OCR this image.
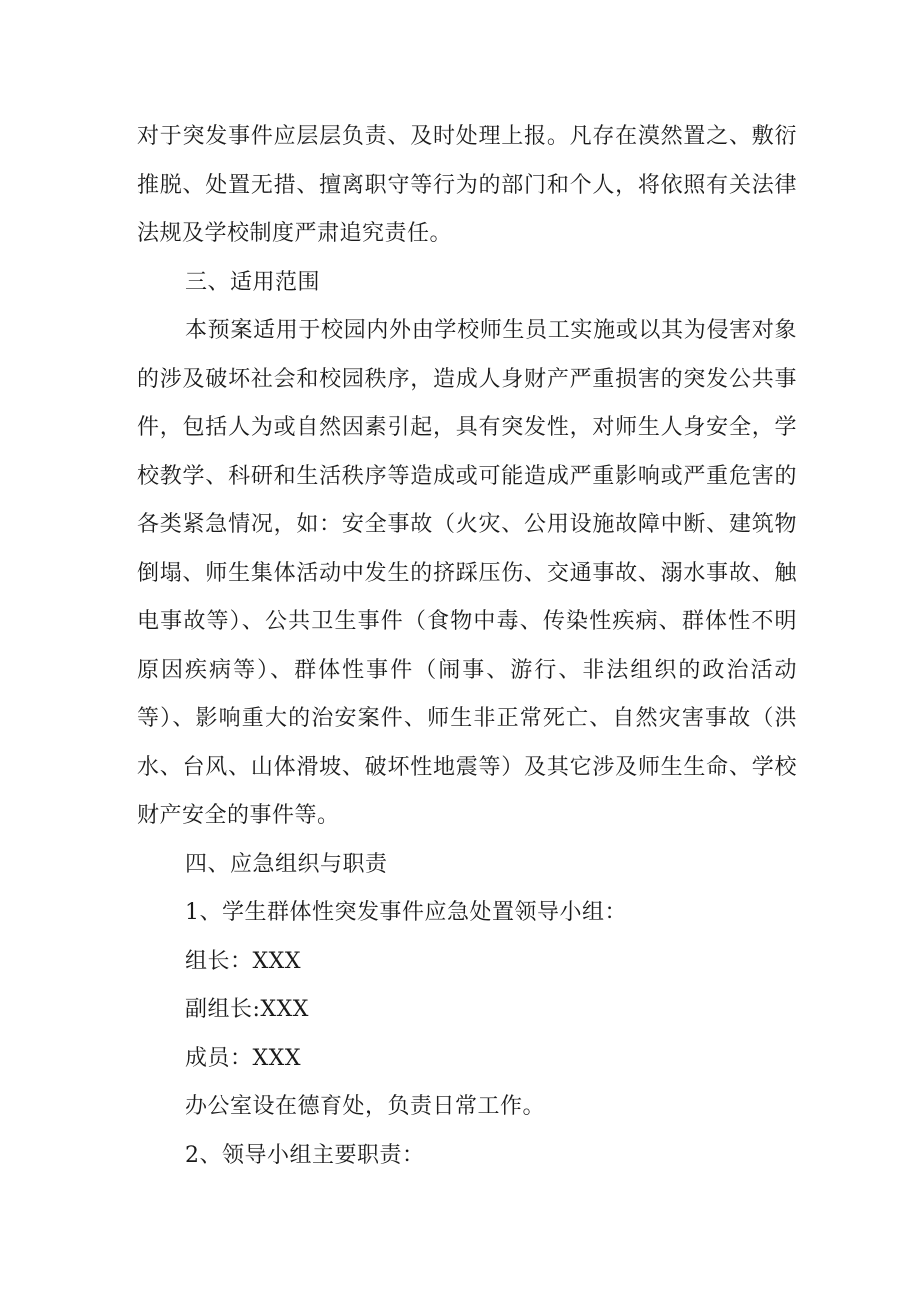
对于突发事件应层层负责、及时处理上报。凡存在漠然置之、敷衍推脱、处置无措、擅离职守等行为的部门和个人，将依照有关法律法规及学校制度严肃追究责任。

三、适用范围

本预案适用于校园内外由学校师生员工实施或以其为侵害对象的涉及破坏社会和校园秩序，造成人身财产严重损害的突发公共事件，包括人为或自然因素引起，具有突发性，对师生人身安全，学校教学、科研和生活秩序等造成或可能造成严重影响或严重危害的各类紧急情况，如：安全事故（火灾、公用设施故障中断、建筑物倒塌、师生集体活动中发生的挤踩压伤、交通事故、溺水事故、触电事故等）、公共卫生事件（食物中毒、传染性疾病、群体性不明原因疾病等）、群体性事件（闹事、游行、非法组织的政治活动等）、影响重大的治安案件、师生非正常死亡、自然灾害事故（洪水、台风、山体滑坡、破坏性地震等）及其它涉及师生生命、学校财产安全的事件等。

四、应急组织与职责

1、学生群体性突发事件应急处置领导小组：

组长：XXX

副组长:XXX

成员：XXX

办公室设在德育处，负责日常工作。

2、领导小组主要职责：
